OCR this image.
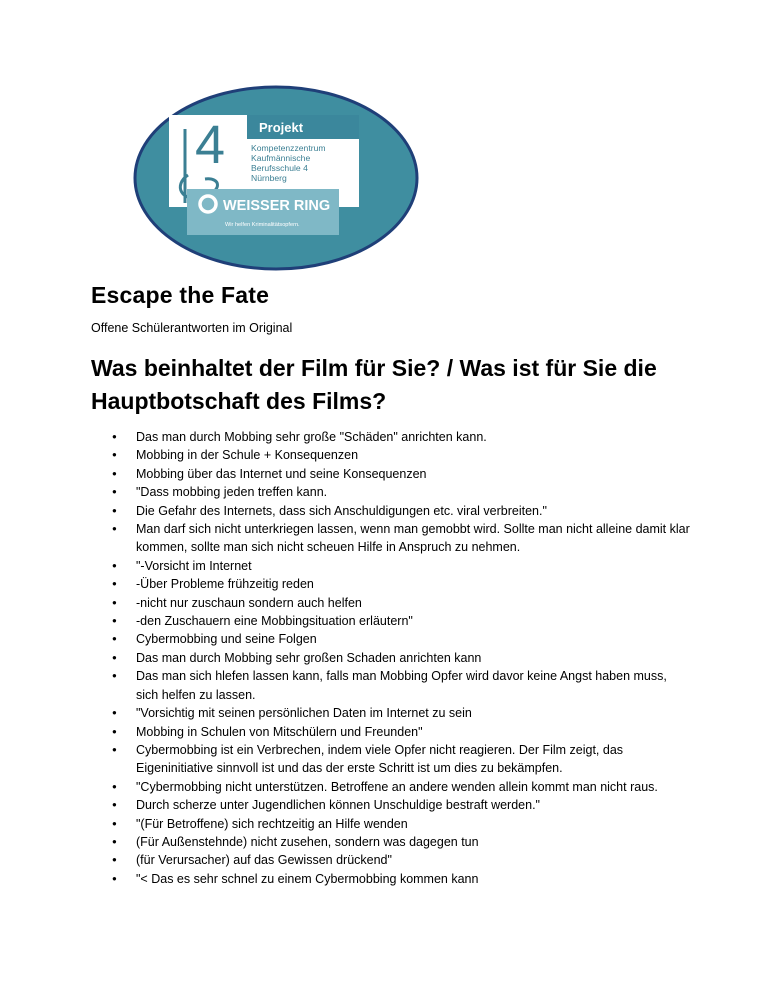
4	Projekt
Kompetenzzentrum Kaufmännische Berufsschule 4 Nürnberg
WEISSER RING
Wir helfen Kriminalitätsopfern.
Escape the Fate

Offene Schülerantworten im Original

Was beinhaltet der Film für Sie? / Was ist für Sie die Hauptbotschaft des Films?
● Das man durch Mobbing sehr große "Schäden" anrichten kann.
● Mobbing in der Schule + Konsequenzen
● Mobbing über das Internet und seine Konsequenzen
● "Dass mobbing jeden treffen kann.
● Die Gefahr des Internets, dass sich Anschuldigungen etc. viral verbreiten."
● Man darf sich nicht unterkriegen lassen, wenn man gemobbt wird. Sollte man nicht alleine damit klar kommen, sollte man sich nicht scheuen Hilfe in Anspruch zu nehmen.
● "-Vorsicht im Internet
● -Über Probleme frühzeitig reden
● -nicht nur zuschaun sondern auch helfen
● -den Zuschauern eine Mobbingsituation erläutern"
● Cybermobbing und seine Folgen
● Das man durch Mobbing sehr großen Schaden anrichten kann
● Das man sich hlefen lassen kann, falls man Mobbing Opfer wird davor keine Angst haben muss, sich helfen zu lassen.
● "Vorsichtig mit seinen persönlichen Daten im Internet zu sein
● Mobbing in Schulen von Mitschülern und Freunden"
● Cybermobbing ist ein Verbrechen, indem viele Opfer nicht reagieren. Der Film zeigt, das Eigeninitiative sinnvoll ist und das der erste Schritt ist um dies zu bekämpfen.
● "Cybermobbing nicht unterstützen. Betroffene an andere wenden allein kommt man nicht raus.
● Durch scherze unter Jugendlichen können Unschuldige bestraft werden."
● "(Für Betroffene) sich rechtzeitig an Hilfe wenden
● (Für Außenstehnde) nicht zusehen, sondern was dagegen tun
● (für Verursacher) auf das Gewissen drückend"
● "< Das es sehr schnel zu einem Cybermobbing kommen kann
